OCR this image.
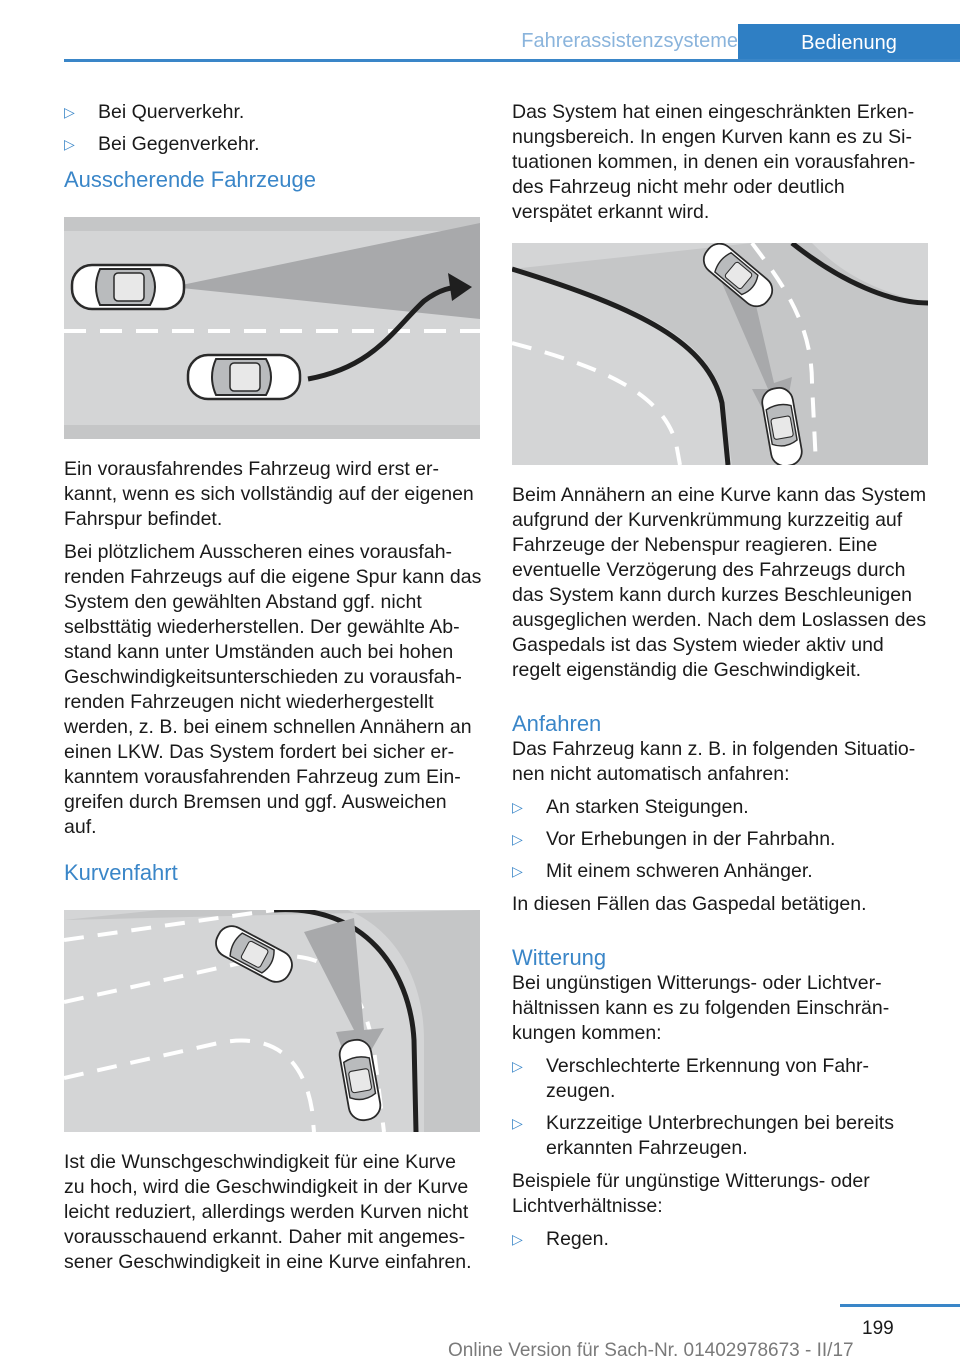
Fahrerassistenzsysteme	Bedienung
▷ Bei Querverkehr.
▷ Bei Gegenverkehr.
Ausscherende Fahrzeuge

Ein vorausfahrendes Fahrzeug wird erst erkannt, wenn es sich vollständig auf der eigenen Fahrspur befindet.

Bei plötzlichem Ausscheren eines vorausfahrenden Fahrzeugs auf die eigene Spur kann das System den gewählten Abstand ggf. nicht selbsttätig wiederherstellen. Der gewählte Abstand kann unter Umständen auch bei hohen Geschwindigkeitsunterschieden zu vorausfahrenden Fahrzeugen nicht wiederhergestellt werden, z. B. bei einem schnellen Annähern an einen LKW. Das System fordert bei sicher erkanntem vorausfahrenden Fahrzeug zum Eingreifen durch Bremsen und ggf. Ausweichen auf.

Kurvenfahrt

Ist die Wunschgeschwindigkeit für eine Kurve zu hoch, wird die Geschwindigkeit in der Kurve leicht reduziert, allerdings werden Kurven nicht vorausschauend erkannt. Daher mit angemessener Geschwindigkeit in eine Kurve einfahren.

Das System hat einen eingeschränkten Erkennungsbereich. In engen Kurven kann es zu Situationen kommen, in denen ein vorausfahrendes Fahrzeug nicht mehr oder deutlich verspätet erkannt wird.

Beim Annähern an eine Kurve kann das System aufgrund der Kurvenkrümmung kurzzeitig auf Fahrzeuge der Nebenspur reagieren. Eine eventuelle Verzögerung des Fahrzeugs durch das System kann durch kurzes Beschleunigen ausgeglichen werden. Nach dem Loslassen des Gaspedals ist das System wieder aktiv und regelt eigenständig die Geschwindigkeit.

Anfahren

Das Fahrzeug kann z. B. in folgenden Situationen nicht automatisch anfahren:

▷ An starken Steigungen.
▷ Vor Erhebungen in der Fahrbahn.
▷ Mit einem schweren Anhänger.

In diesen Fällen das Gaspedal betätigen.

Witterung

Bei ungünstigen Witterungs- oder Lichtverhältnissen kann es zu folgenden Einschränkungen kommen:

▷ Verschlechterte Erkennung von Fahrzeugen.
▷ Kurzzeitige Unterbrechungen bei bereits erkannten Fahrzeugen.

Beispiele für ungünstige Witterungs- oder Lichtverhältnisse:

▷ Regen.
199
Online Version für Sach-Nr. 01402978673 - II/17
